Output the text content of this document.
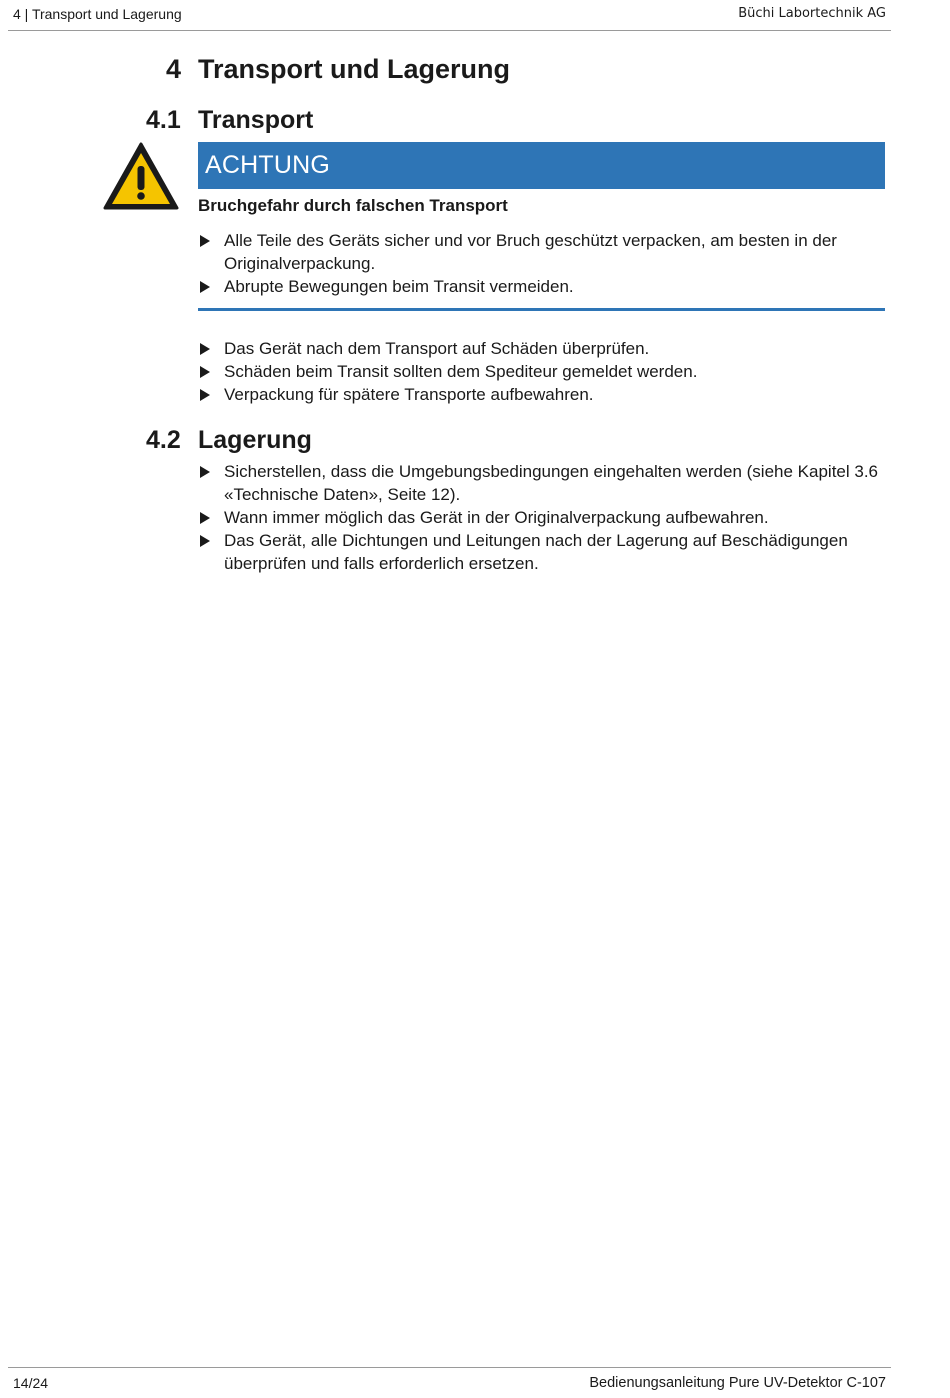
4 | Transport und Lagerung	Büchi Labortechnik AG
4 Transport und Lagerung
4.1 Transport
ACHTUNG
Bruchgefahr durch falschen Transport
Alle Teile des Geräts sicher und vor Bruch geschützt verpacken, am besten in der Originalverpackung.
Abrupte Bewegungen beim Transit vermeiden.
Das Gerät nach dem Transport auf Schäden überprüfen.
Schäden beim Transit sollten dem Spediteur gemeldet werden.
Verpackung für spätere Transporte aufbewahren.
4.2 Lagerung
Sicherstellen, dass die Umgebungsbedingungen eingehalten werden (siehe Kapitel 3.6 «Technische Daten», Seite 12).
Wann immer möglich das Gerät in der Originalverpackung aufbewahren.
Das Gerät, alle Dichtungen und Leitungen nach der Lagerung auf Beschädigungen überprüfen und falls erforderlich ersetzen.
14/24	Bedienungsanleitung Pure UV-Detektor C-107
